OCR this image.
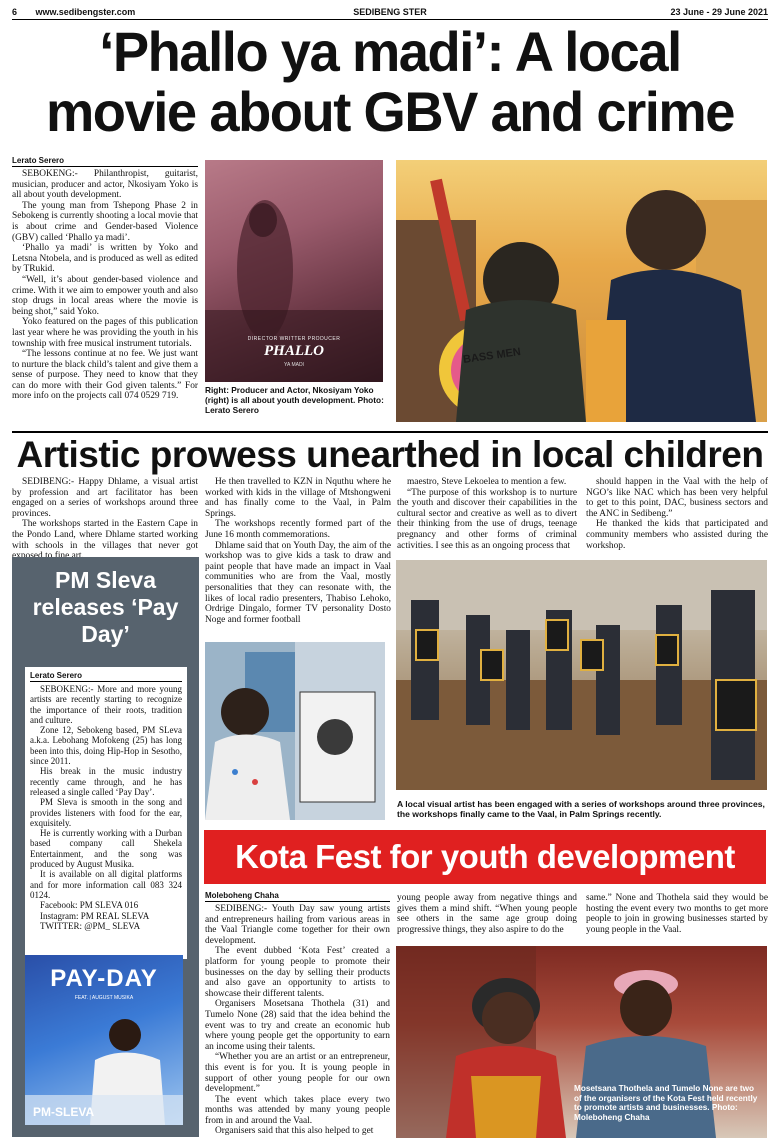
6 www.sedibengster.com	SEDIBENG STER	23 June - 29 June 2021
‘Phallo ya madi’: A local
movie about GBV and crime
Lerato Serero

SEBOKENG:- Philanthropist, guitarist, musician, producer and actor, Nkosiyam Yoko is all about youth development.

The young man from Tshepong Phase 2 in Sebokeng is currently shooting a local movie that is about crime and Gender-based Violence (GBV) called ‘Phallo ya madi’.

‘Phallo ya madi’ is written by Yoko and Letsna Ntobela, and is produced as well as edited by TRukid.

“Well, it’s about gender-based violence and crime. With it we aim to empower youth and also stop drugs in local areas where the movie is being shot,” said Yoko.

Yoko featured on the pages of this publication last year where he was providing the youth in his township with free musical instrument tutorials.

“The lessons continue at no fee. We just want to nurture the black child’s talent and give them a sense of purpose. They need to know that they can do more with their God given talents.” For more info on the projects call 074 0529 719.

DIRECTOR WRITTER PRODUCER
PHALLO
YA MADI
Right: Producer and Actor, Nkosiyam Yoko (right) is all about youth development. Photo: Lerato Serero
BASS MEN
Artistic prowess unearthed in local children

SEDIBENG:- Happy Dhlame, a visual artist by profession and art facilitator has been engaged on a series of workshops around three provinces.

The workshops started in the Eastern Cape in the Pondo Land, where Dhlame started working with schools in the villages that never got

He then travelled to KZN in Nquthu where he worked with kids in the village of Mtshongweni and has finally come to the Vaal, in Palm Springs.

The workshops recently formed part of the June 16 month commemorations.

Dhlame said that on Youth Day, the aim of the workshop was to give kids a task to draw and paint people that have made an impact in Vaal communities who are from the Vaal, mostly personalities that they can resonate with, the likes of local radio presenters, Thabiso Lehoko, Ordrige Dingalo, former TV personality Dosto Noge and former football

maestro, Steve Lekoelea to mention a few.

“The purpose of this workshop is to nurture the youth and discover their capabilities in the cultural sector and creative as well as to divert their thinking from the use of drugs, teenage pregnancy and other forms of criminal activities. I see this as an ongoing process that

should happen in the Vaal with the help of NGO’s like NAC which has been very helpful to get to this point, DAC, business sectors and the ANC in Sedibeng.”

He thanked the kids that participated and community members who assisted during the workshop.

A local visual artist has been engaged with a series of workshops around three provinces, the workshops finally came to the Vaal, in Palm Springs recently.
PM Sleva releases ‘Pay Day’
Lerato Serero

SEBOKENG:- More and more young artists are recently starting to recognize the importance of their roots, tradition and culture.

Zone 12, Sebokeng based, PM SLeva a.k.a. Lebohang Mofokeng (25) has long been into this, doing Hip-Hop in Sesotho, since 2011.

His break in the music industry recently came through, and he has released a single called ‘Pay Day’.

PM Sleva is smooth in the song and provides listeners with food for the ear, exquisitely.

He is currently working with a Durban based company call Shekela Entertainment, and the song was produced by August Musika.

It is available on all digital platforms and for more information call 083 324 0124.

Facebook: PM SLEVA 016

Instagram: PM REAL SLEVA

TWITTER: @PM_ SLEVA

PAY-DAY
FEAT. | AUGUST MUSIKA
PM-SLEVA
Kota Fest for youth development
Moleboheng Chaha

SEDIBENG:- Youth Day saw young artists and entrepreneurs hailing from various areas in the Vaal Triangle come together for their own development.

The event dubbed ‘Kota Fest’ created a platform for young people to promote their businesses on the day by selling their products and also gave an opportunity to artists to showcase their different talents.

Organisers Mosetsana Thothela (31) and Tumelo None (28) said that the idea behind the event was to try and create an economic hub where young people get the opportunity to earn an income using their talents.

“Whether you are an artist or an entrepreneur, this event is for you. It is young people in support of other young people for our own development.”

The event which takes place every two months was attended by many young people from in and around the Vaal.

Organisers said that this also helped to get

young people away from negative things and gives them a mind shift. “When young people see others in the same age group doing progressive things, they also aspire to do the

same.” None and Thothela said they would be hosting the event every two months to get more people to join in growing businesses started by young people in the Vaal.

Mosetsana Thothela and Tumelo None are two of the organisers of the Kota Fest held recently to promote artists and businesses. Photo: Moleboheng Chaha
